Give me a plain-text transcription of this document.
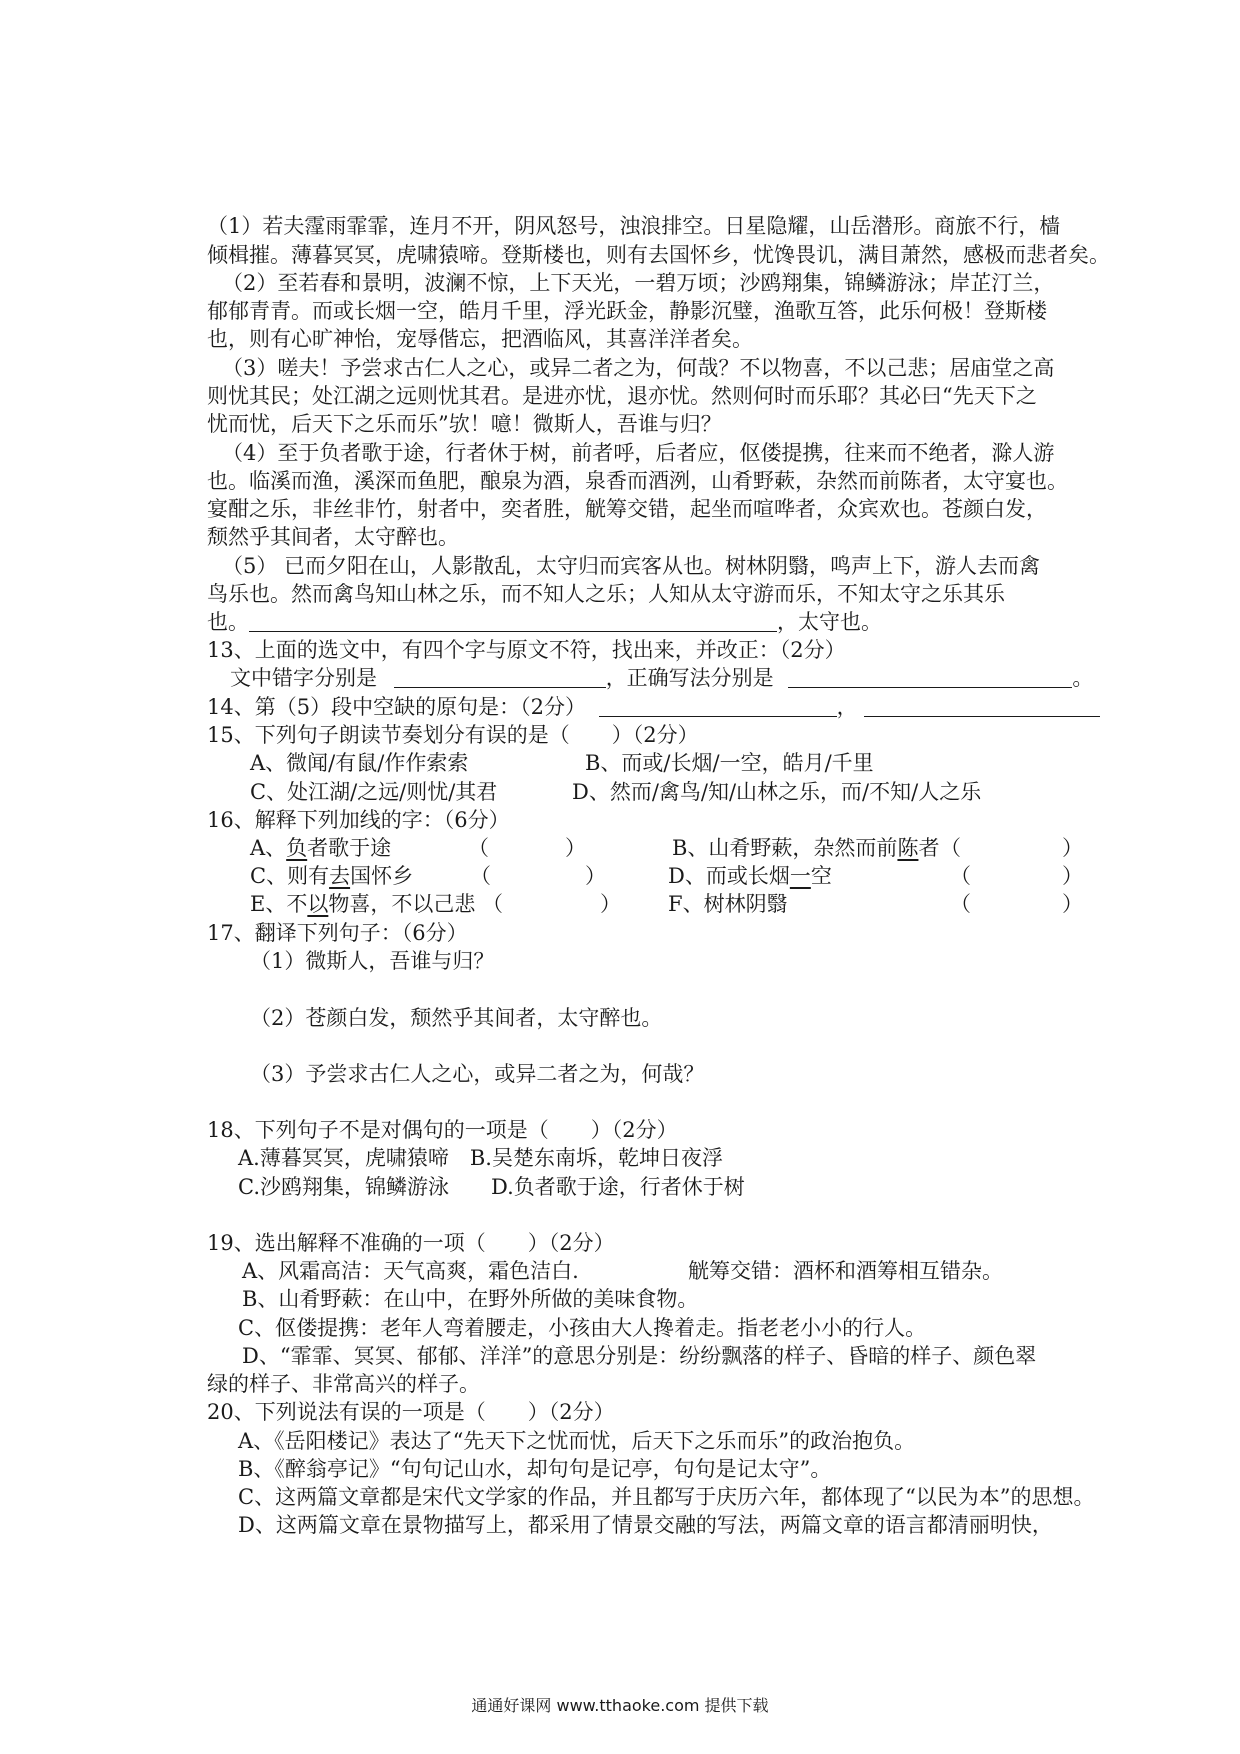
（1）若夫霪雨霏霏，连月不开，阴风怒号，浊浪排空。日星隐耀，山岳潜形。商旅不行，樯
倾楫摧。薄暮冥冥，虎啸猿啼。登斯楼也，则有去国怀乡，忧馋畏讥，满目萧然，感极而悲者矣。
（2）至若春和景明，波澜不惊，上下天光，一碧万顷；沙鸥翔集，锦鳞游泳；岸芷汀兰，
郁郁青青。而或长烟一空，皓月千里，浮光跃金，静影沉璧，渔歌互答，此乐何极！登斯楼
也，则有心旷神怡，宠辱偕忘，把酒临风，其喜洋洋者矣。
（3）嗟夫！予尝求古仁人之心，或异二者之为，何哉？不以物喜，不以己悲；居庙堂之高
则忧其民；处江湖之远则忧其君。是进亦忧，退亦忧。然则何时而乐耶？其必曰“先天下之
忧而忧，后天下之乐而乐”欤！噫！微斯人，吾谁与归？
（4）至于负者歌于途，行者休于树，前者呼，后者应，伛偻提携，往来而不绝者，滁人游
也。临溪而渔，溪深而鱼肥，酿泉为酒，泉香而酒洌，山肴野蔌，杂然而前陈者，太守宴也。
宴酣之乐，非丝非竹，射者中，奕者胜，觥筹交错，起坐而喧哗者，众宾欢也。苍颜白发，
颓然乎其间者，太守醉也。
（5） 已而夕阳在山，人影散乱，太守归而宾客从也。树林阴翳，鸣声上下，游人去而禽
鸟乐也。然而禽鸟知山林之乐，而不知人之乐；人知从太守游而乐，不知太守之乐其乐
也。	，太守也。
13、上面的选文中，有四个字与原文不符，找出来，并改正：（2分）
文中错字分别是	，正确写法分别是	。
14、第（5）段中空缺的原句是：（2分）	，
15、下列句子朗读节奏划分有误的是（　　）（2分）
A、微闻/有鼠/作作索索	B、而或/长烟/一空，皓月/千里
C、处江湖/之远/则忧/其君	D、然而/禽鸟/知/山林之乐，而/不知/人之乐
16、解释下列加线的字：（6分）
A、负者歌于途	（	）	B、山肴野蔌，杂然而前陈者 （	）
C、则有去国怀乡	（	）	D、而或长烟一空	（	）
E、不以物喜，不以己悲 （	） F、树林阴翳	（	）
17、翻译下列句子：（6分）
（1）微斯人，吾谁与归？
（2）苍颜白发，颓然乎其间者，太守醉也。
（3）予尝求古仁人之心，或异二者之为，何哉？
18、下列句子不是对偶句的一项是（　　）（2分）
A.薄暮冥冥，虎啸猿啼　B.吴楚东南坼，乾坤日夜浮
C.沙鸥翔集，锦鳞游泳　　D.负者歌于途，行者休于树
19、选出解释不准确的一项（　　）（2分）
A、风霜高洁：天气高爽，霜色洁白.	觥筹交错：酒杯和酒筹相互错杂。
B、山肴野蔌：在山中，在野外所做的美味食物。
C、伛偻提携：老年人弯着腰走，小孩由大人搀着走。指老老小小的行人。
D、“霏霏、冥冥、郁郁、洋洋”的意思分别是：纷纷飘落的样子、昏暗的样子、颜色翠
绿的样子、非常高兴的样子。
20、下列说法有误的一项是（　　）（2分）
A、《岳阳楼记》表达了“先天下之忧而忧，后天下之乐而乐”的政治抱负。
B、《醉翁亭记》“句句记山水，却句句是记亭，句句是记太守”。
C、这两篇文章都是宋代文学家的作品，并且都写于庆历六年，都体现了“以民为本”的思想。
D、这两篇文章在景物描写上，都采用了情景交融的写法，两篇文章的语言都清丽明快，
通通好课网 www.tthaoke.com 提供下载
